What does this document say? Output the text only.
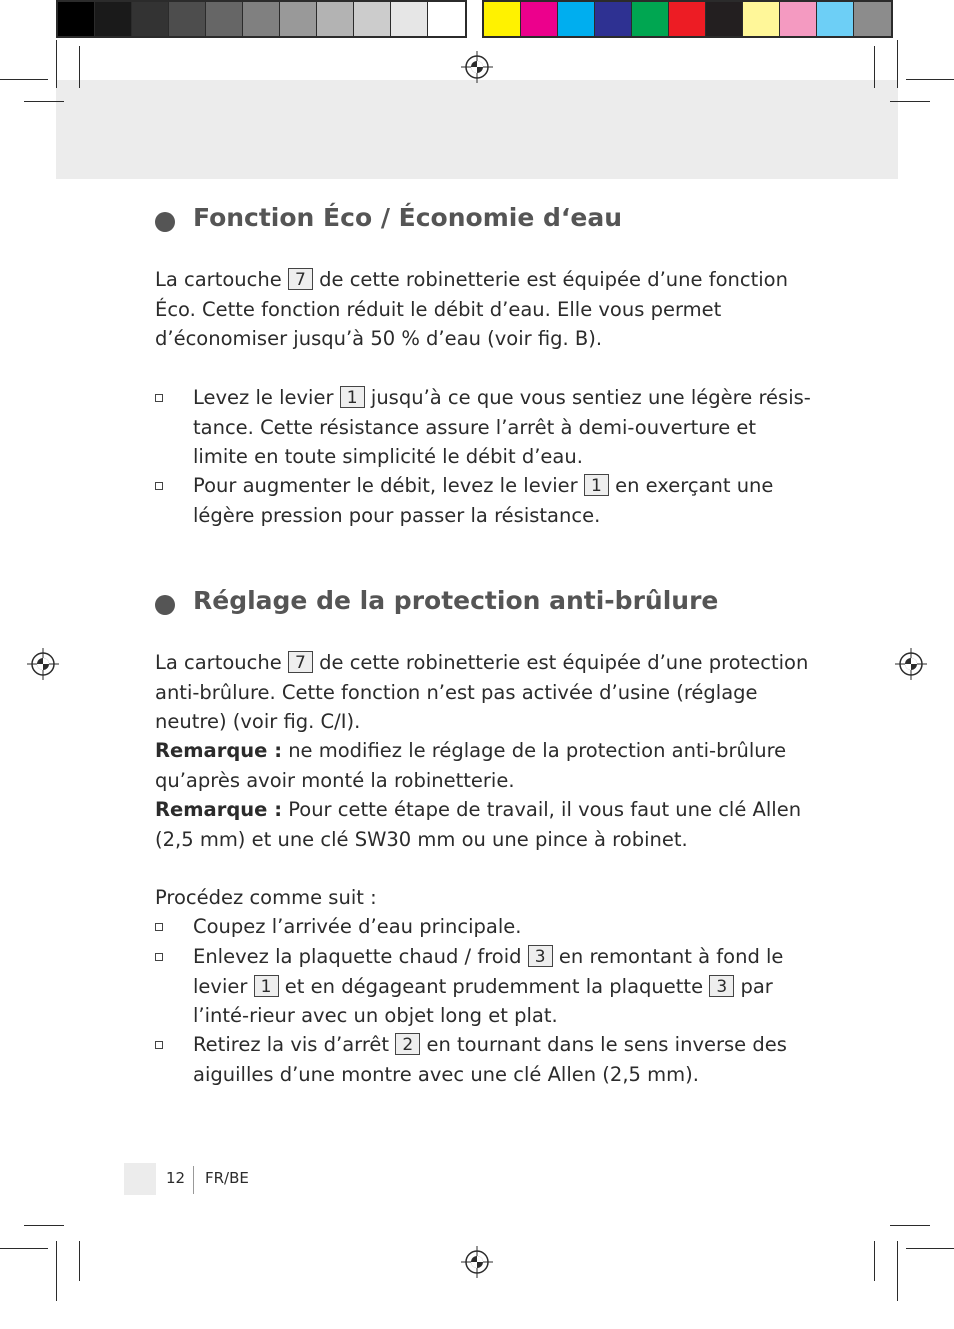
Fonction Éco / Économie d‘eau
La cartouche 7 de cette robinetterie est équipée d’une fonction Éco. Cette fonction réduit le débit d’eau. Elle vous permet d’économiser jusqu’à 50 % d’eau (voir fig. B).
Levez le levier 1 jusqu’à ce que vous sentiez une légère résis-tance. Cette résistance assure l’arrêt à demi-ouverture et limite en toute simplicité le débit d’eau.
Pour augmenter le débit, levez le levier 1 en exerçant une légère pression pour passer la résistance.
Réglage de la protection anti-brûlure
La cartouche 7 de cette robinetterie est équipée d’une protection anti-brûlure. Cette fonction n’est pas activée d’usine (réglage neutre) (voir fig. C/I).
Remarque : ne modifiez le réglage de la protection anti-brûlure qu’après avoir monté la robinetterie.
Remarque : Pour cette étape de travail, il vous faut une clé Allen (2,5 mm) et une clé SW30 mm ou une pince à robinet.
Procédez comme suit :
Coupez l’arrivée d’eau principale.
Enlevez la plaquette chaud / froid 3 en remontant à fond le levier 1 et en dégageant prudemment la plaquette 3 par l’inté-rieur avec un objet long et plat.
Retirez la vis d’arrêt 2 en tournant dans le sens inverse des aiguilles d’une montre avec une clé Allen (2,5 mm).
12 FR/BE
